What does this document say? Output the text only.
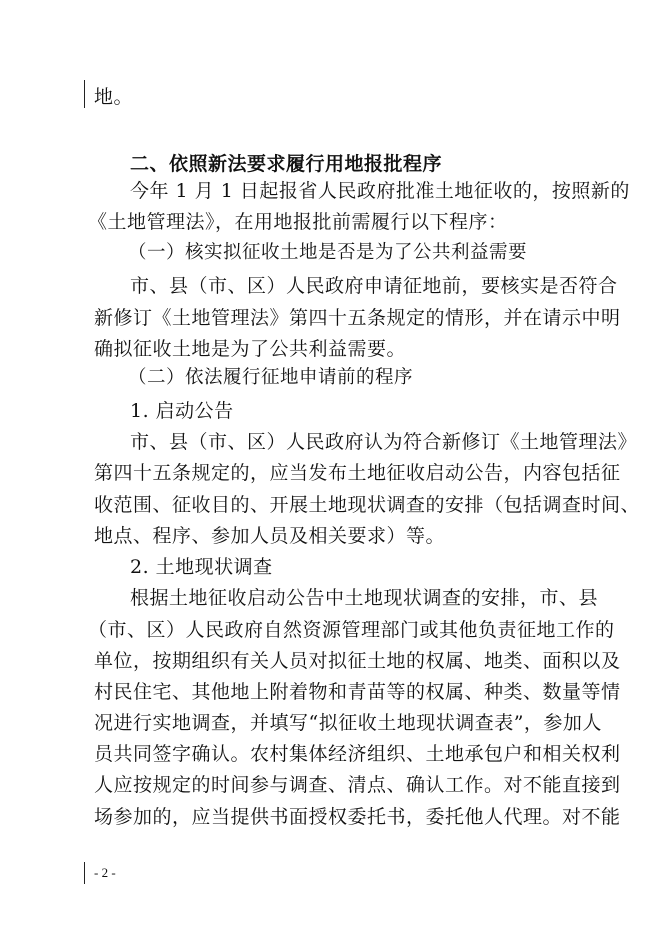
地。
二、依照新法要求履行用地报批程序
今年 1 月 1 日起报省人民政府批准土地征收的，按照新的
《土地管理法》，在用地报批前需履行以下程序：
（一）核实拟征收土地是否是为了公共利益需要
市、县（市、区）人民政府申请征地前，要核实是否符合
新修订《土地管理法》第四十五条规定的情形，并在请示中明
确拟征收土地是为了公共利益需要。
（二）依法履行征地申请前的程序
1. 启动公告
市、县（市、区）人民政府认为符合新修订《土地管理法》
第四十五条规定的，应当发布土地征收启动公告，内容包括征
收范围、征收目的、开展土地现状调查的安排（包括调查时间、
地点、程序、参加人员及相关要求）等。
2. 土地现状调查
根据土地征收启动公告中土地现状调查的安排，市、县
（市、区）人民政府自然资源管理部门或其他负责征地工作的
单位，按期组织有关人员对拟征土地的权属、地类、面积以及
村民住宅、其他地上附着物和青苗等的权属、种类、数量等情
况进行实地调查，并填写“拟征收土地现状调查表”，参加人
员共同签字确认。农村集体经济组织、土地承包户和相关权利
人应按规定的时间参与调查、清点、确认工作。对不能直接到
场参加的，应当提供书面授权委托书，委托他人代理。对不能
- 2 -
